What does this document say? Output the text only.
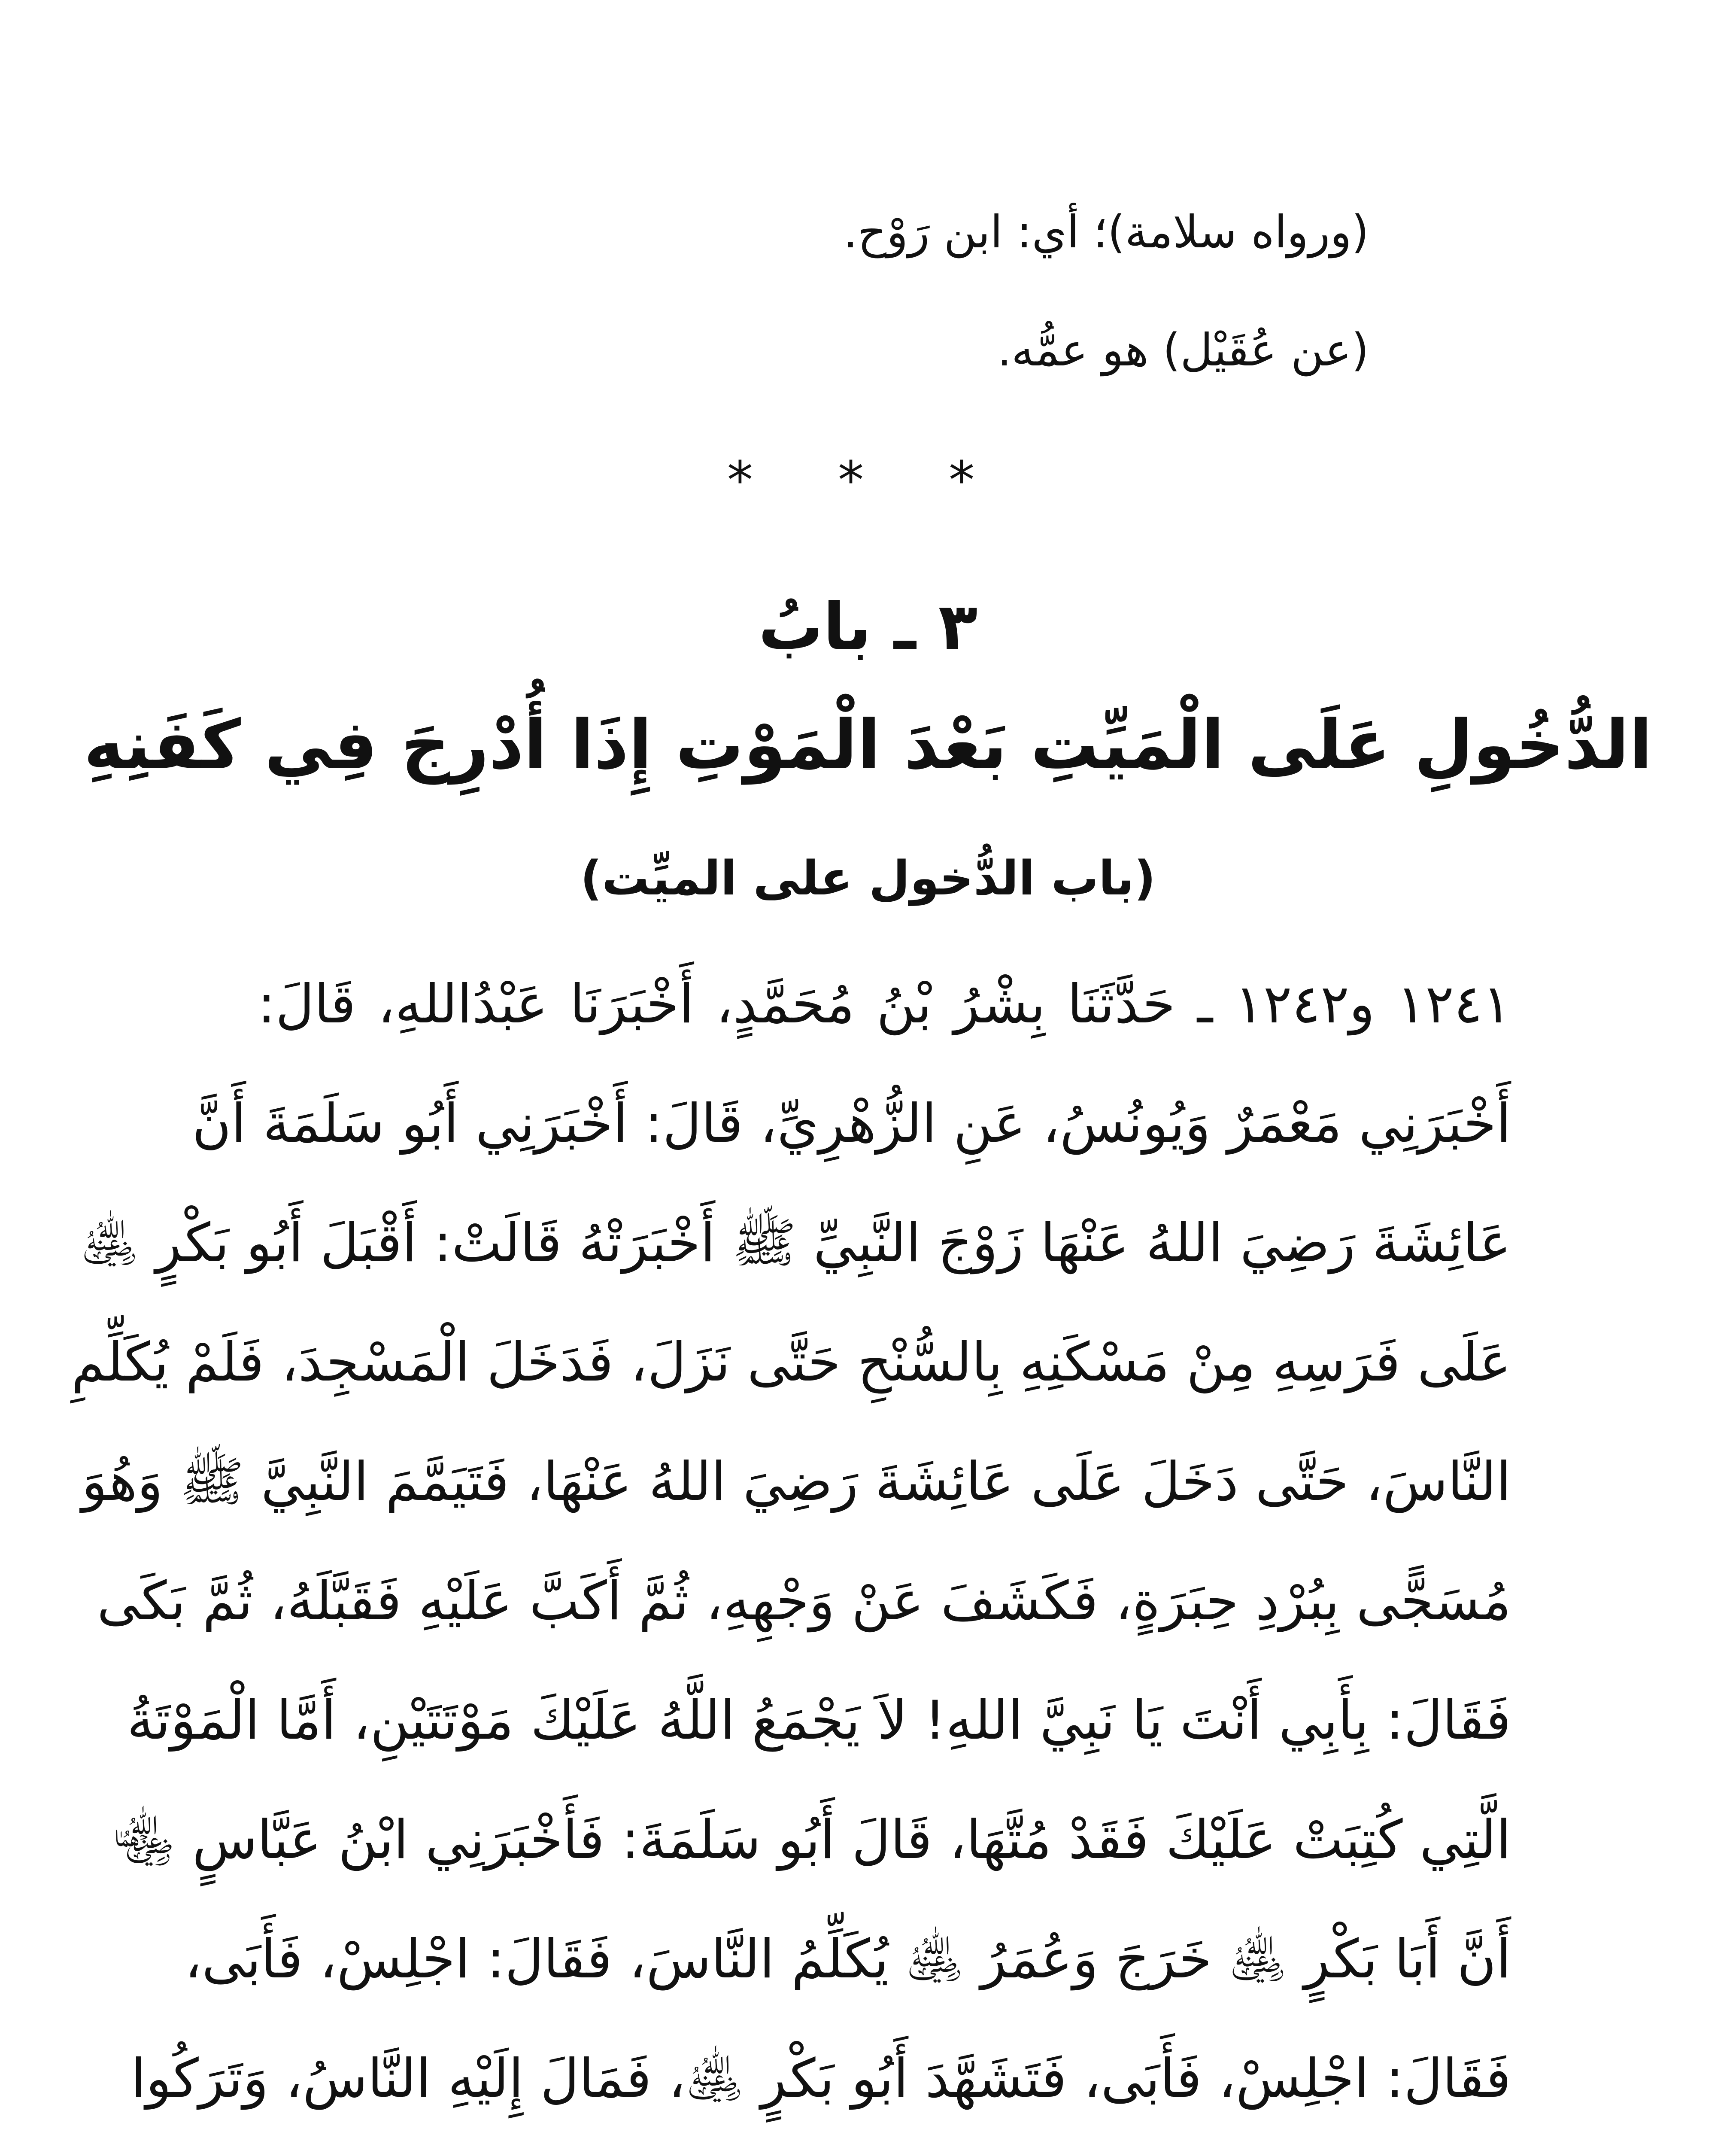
(ورواه سلامة)؛ أي: ابن رَوْح.
(عن عُقَيْل) هو عمُّه.
* * *
٣ ـ بابُ
الدُّخُولِ عَلَى الْمَيِّتِ بَعْدَ الْمَوْتِ إِذَا أُدْرِجَ فِي كَفَنِهِ
(باب الدُّخول على الميِّت)
١٢٤١ و١٢٤٢ ـ حَدَّثَنَا بِشْرُ بْنُ مُحَمَّدٍ، أَخْبَرَنَا عَبْدُاللهِ، قَالَ:
أَخْبَرَنِي مَعْمَرٌ وَيُونُسُ، عَنِ الزُّهْرِيِّ، قَالَ: أَخْبَرَنِي أَبُو سَلَمَةَ أَنَّ
عَائِشَةَ رَضِيَ اللهُ عَنْهَا زَوْجَ النَّبِيِّ ﷺ أَخْبَرَتْهُ قَالَتْ: أَقْبَلَ أَبُو بَكْرٍ ﵁
عَلَى فَرَسِهِ مِنْ مَسْكَنِهِ بِالسُّنْحِ حَتَّى نَزَلَ، فَدَخَلَ الْمَسْجِدَ، فَلَمْ يُكَلِّمِ
النَّاسَ، حَتَّى دَخَلَ عَلَى عَائِشَةَ رَضِيَ اللهُ عَنْهَا، فَتَيَمَّمَ النَّبِيَّ ﷺ وَهُوَ
مُسَجًّى بِبُرْدِ حِبَرَةٍ، فَكَشَفَ عَنْ وَجْهِهِ، ثُمَّ أَكَبَّ عَلَيْهِ فَقَبَّلَهُ، ثُمَّ بَكَى
فَقَالَ: بِأَبِي أَنْتَ يَا نَبِيَّ اللهِ! لاَ يَجْمَعُ اللَّهُ عَلَيْكَ مَوْتَتَيْنِ، أَمَّا الْمَوْتَةُ
الَّتِي كُتِبَتْ عَلَيْكَ فَقَدْ مُتَّهَا، قَالَ أَبُو سَلَمَةَ: فَأَخْبَرَنِي ابْنُ عَبَّاسٍ ﵄
أَنَّ أَبَا بَكْرٍ ﵁ خَرَجَ وَعُمَرُ ﵁ يُكَلِّمُ النَّاسَ، فَقَالَ: اجْلِسْ، فَأَبَى،
فَقَالَ: اجْلِسْ، فَأَبَى، فَتَشَهَّدَ أَبُو بَكْرٍ ﵁، فَمَالَ إِلَيْهِ النَّاسُ، وَتَرَكُوا
